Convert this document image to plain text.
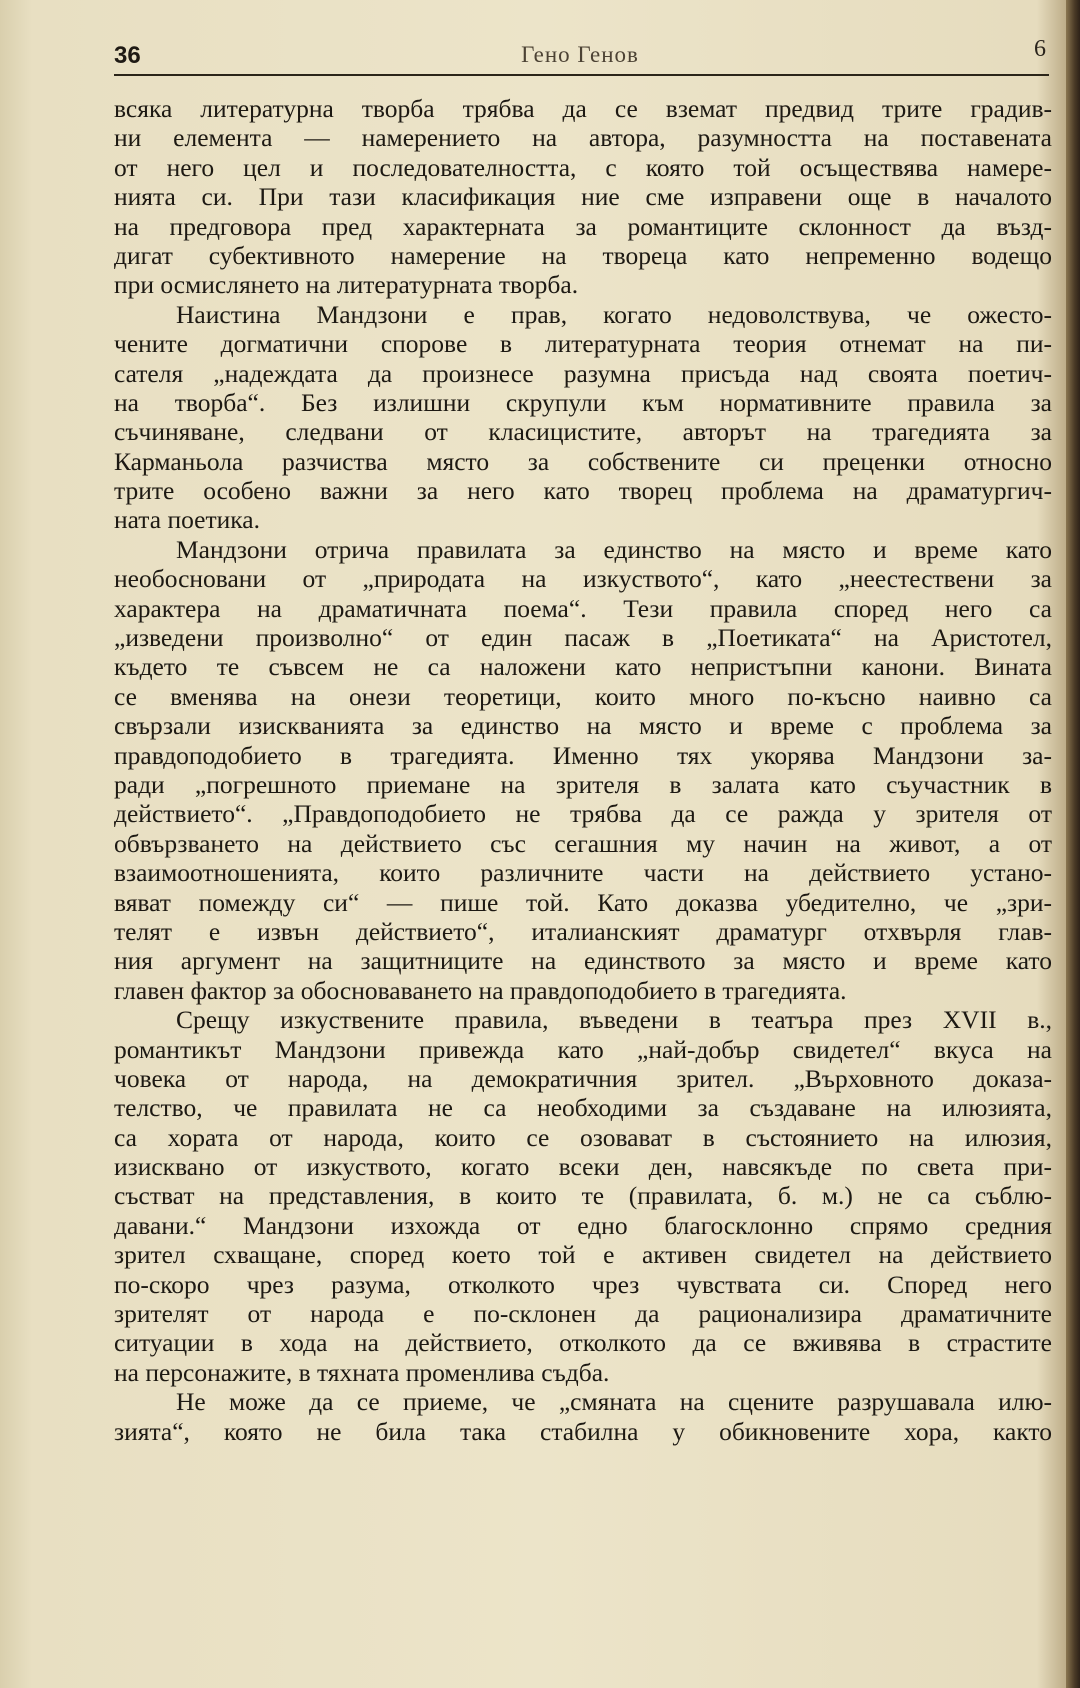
36	Гено Генов	6
всяка литературна творба трябва да се вземат предвид трите градив-
ни елемента — намерението на автора, разумността на поставената
от него цел и последователността, с която той осъществява намере-
нията си. При тази класификация ние сме изправени още в началото
на предговора пред характерната за романтиците склонност да възд-
дигат субективното намерение на твореца като непременно водещо
при осмислянето на литературната творба.
Наистина Мандзони е прав, когато недоволствува, че ожесто-
чените догматични спорове в литературната теория отнемат на пи-
сателя „надеждата да произнесе разумна присъда над своята поетич-
на творба“. Без излишни скрупули към нормативните правила за
съчиняване, следвани от класицистите, авторът на трагедията за
Карманьола разчиства място за собствените си преценки относно
трите особено важни за него като творец проблема на драматургич-
ната поетика.
Мандзони отрича правилата за единство на място и време като
необосновани от „природата на изкуството“, като „неестествени за
характера на драматичната поема“. Тези правила според него са
„изведени произволно“ от един пасаж в „Поетиката“ на Аристотел,
където те съвсем не са наложени като непристъпни канони. Вината
се вменява на онези теоретици, които много по-късно наивно са
свързали изискванията за единство на място и време с проблема за
правдоподобието в трагедията. Именно тях укорява Мандзони за-
ради „погрешното приемане на зрителя в залата като съучастник в
действието“. „Правдоподобието не трябва да се ражда у зрителя от
обвързването на действието със сегашния му начин на живот, а от
взаимоотношенията, които различните части на действието устано-
вяват помежду си“ — пише той. Като доказва убедително, че „зри-
телят е извън действието“, италианският драматург отхвърля глав-
ния аргумент на защитниците на единството за място и време като
главен фактор за обосноваването на правдоподобието в трагедията.
Срещу изкуствените правила, въведени в театъра през XVII в.,
романтикът Мандзони привежда като „най-добър свидетел“ вкуса на
човека от народа, на демократичния зрител. „Върховното доказа-
телство, че правилата не са необходими за създаване на илюзията,
са хората от народа, които се озовават в състоянието на илюзия,
изисквано от изкуството, когато всеки ден, навсякъде по света при-
състват на представления, в които те (правилата, б. м.) не са съблю-
давани.“ Мандзони изхожда от едно благосклонно спрямо средния
зрител схващане, според което той е активен свидетел на действието
по-скоро чрез разума, отколкото чрез чувствата си. Според него
зрителят от народа е по-склонен да рационализира драматичните
ситуации в хода на действието, отколкото да се вживява в страстите
на персонажите, в тяхната променлива съдба.
Не може да се приеме, че „смяната на сцените разрушавала илю-
зията“, която не била така стабилна у обикновените хора, както
